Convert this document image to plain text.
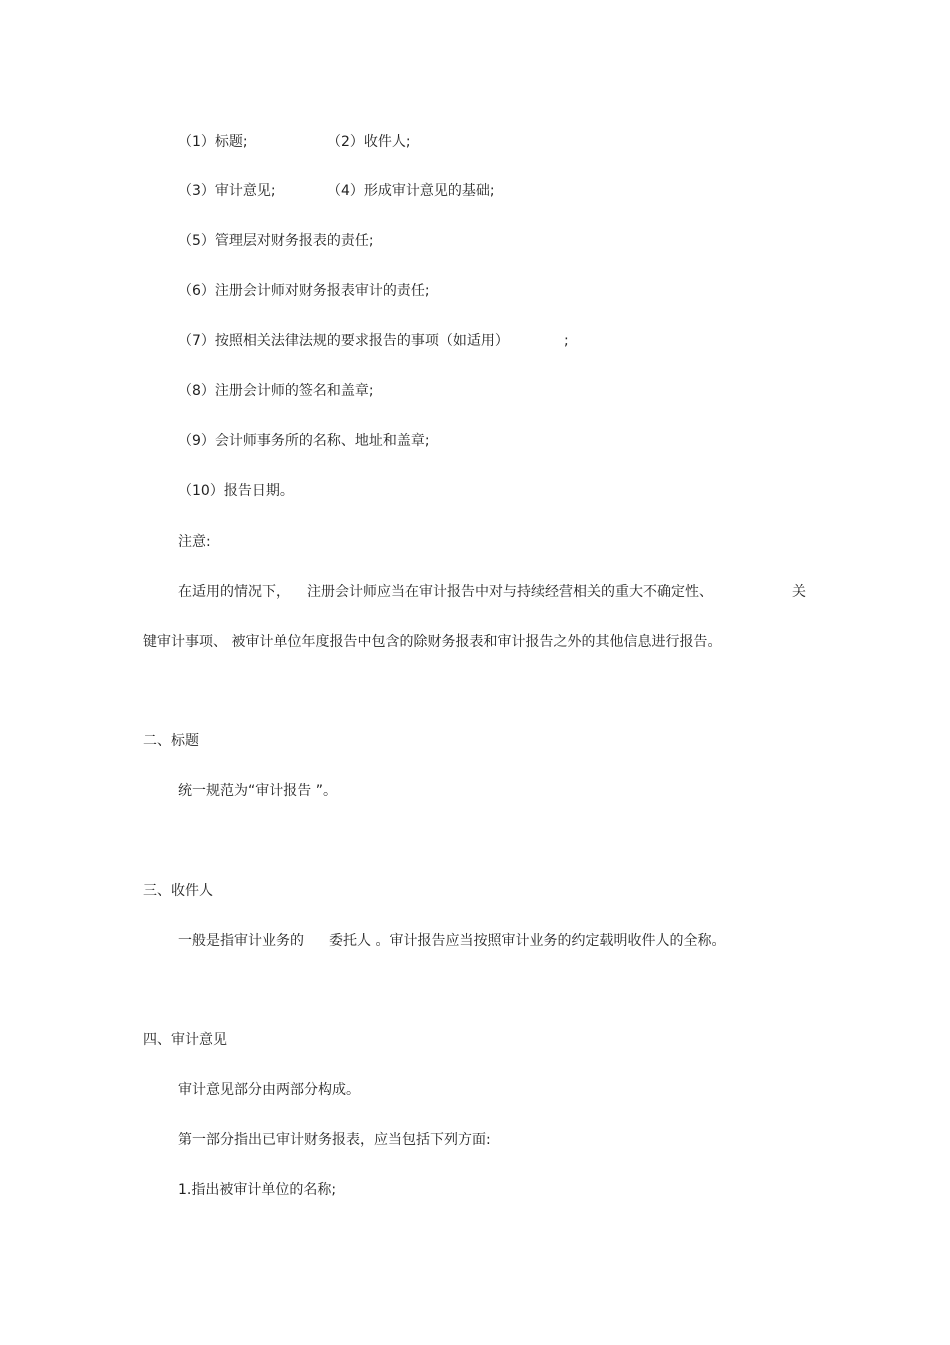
（1）标题;	（2）收件人;

（3）审计意见;	（4）形成审计意见的基础;

（5）管理层对财务报表的责任;

（6）注册会计师对财务报表审计的责任;

（7）按照相关法律法规的要求报告的事项（如适用）	;

（8）注册会计师的签名和盖章;

（9）会计师事务所的名称、地址和盖章;

（10）报告日期。

注意:

在适用的情况下， 注册会计师应当在审计报告中对与持续经营相关的重大不确定性、	关

键审计事项、 被审计单位年度报告中包含的除财务报表和审计报告之外的其他信息进行报告。

二、标题

统一规范为“审计报告 ”。

三、收件人

一般是指审计业务的 委托人 。审计报告应当按照审计业务的约定载明收件人的全称。

四、审计意见

审计意见部分由两部分构成。

第一部分指出已审计财务报表，应当包括下列方面:

1.指出被审计单位的名称;
